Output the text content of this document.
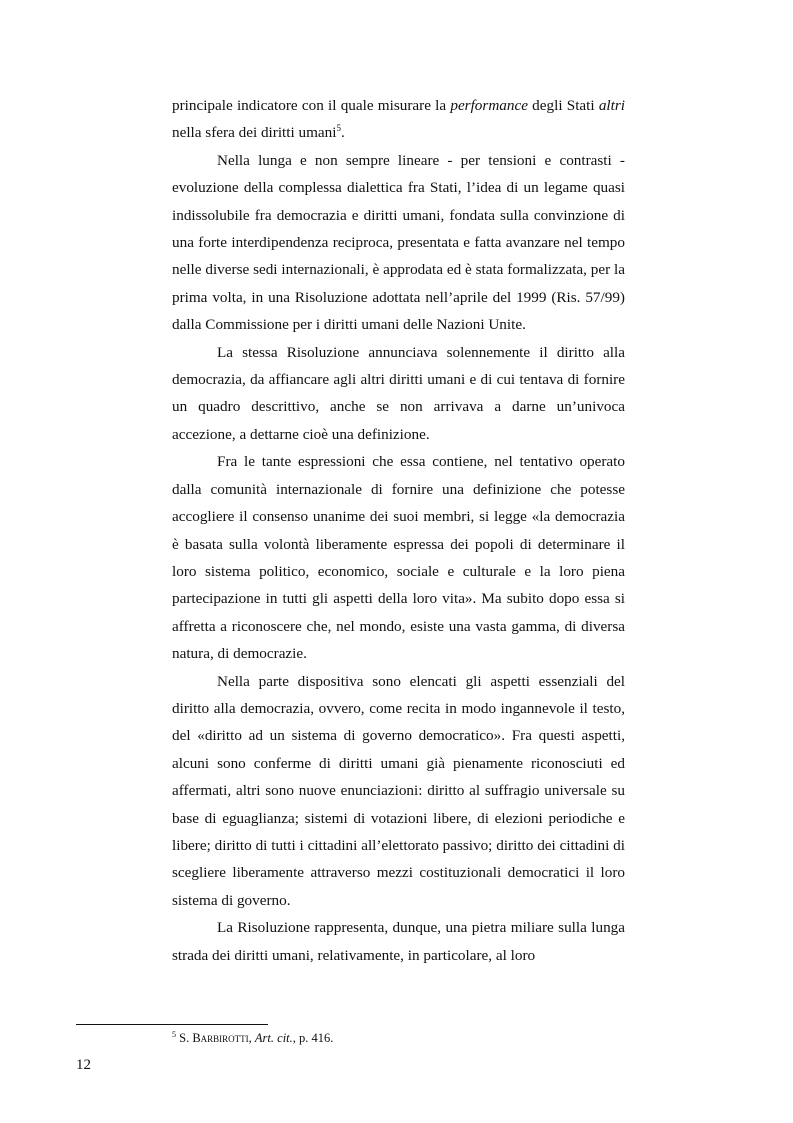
principale indicatore con il quale misurare la performance degli Stati altri nella sfera dei diritti umani$^5$.

Nella lunga e non sempre lineare - per tensioni e contrasti - evoluzione della complessa dialettica fra Stati, l’idea di un legame quasi indissolubile fra democrazia e diritti umani, fondata sulla convinzione di una forte interdipendenza reciproca, presentata e fatta avanzare nel tempo nelle diverse sedi internazionali, è approdata ed è stata formalizzata, per la prima volta, in una Risoluzione adottata nell’aprile del 1999 (Ris. 57/99) dalla Commissione per i diritti umani delle Nazioni Unite.

La stessa Risoluzione annunciava solennemente il diritto alla democrazia, da affiancare agli altri diritti umani e di cui tentava di fornire un quadro descrittivo, anche se non arrivava a darne un’univoca accezione, a dettarne cioè una definizione.

Fra le tante espressioni che essa contiene, nel tentativo operato dalla comunità internazionale di fornire una definizione che potesse accogliere il consenso unanime dei suoi membri, si legge «la democrazia è basata sulla volontà liberamente espressa dei popoli di determinare il loro sistema politico, economico, sociale e culturale e la loro piena partecipazione in tutti gli aspetti della loro vita». Ma subito dopo essa si affretta a riconoscere che, nel mondo, esiste una vasta gamma, di diversa natura, di democrazie.

Nella parte dispositiva sono elencati gli aspetti essenziali del diritto alla democrazia, ovvero, come recita in modo ingannevole il testo, del «diritto ad un sistema di governo democratico». Fra questi aspetti, alcuni sono conferme di diritti umani già pienamente riconosciuti ed affermati, altri sono nuove enunciazioni: diritto al suffragio universale su base di eguaglianza; sistemi di votazioni libere, di elezioni periodiche e libere; diritto di tutti i cittadini all’elettorato passivo; diritto dei cittadini di scegliere liberamente attraverso mezzi costituzionali democratici il loro sistema di governo.

La Risoluzione rappresenta, dunque, una pietra miliare sulla lunga strada dei diritti umani, relativamente, in particolare, al loro

$^5$ S. Barbirotti, Art. cit., p. 416.
12
